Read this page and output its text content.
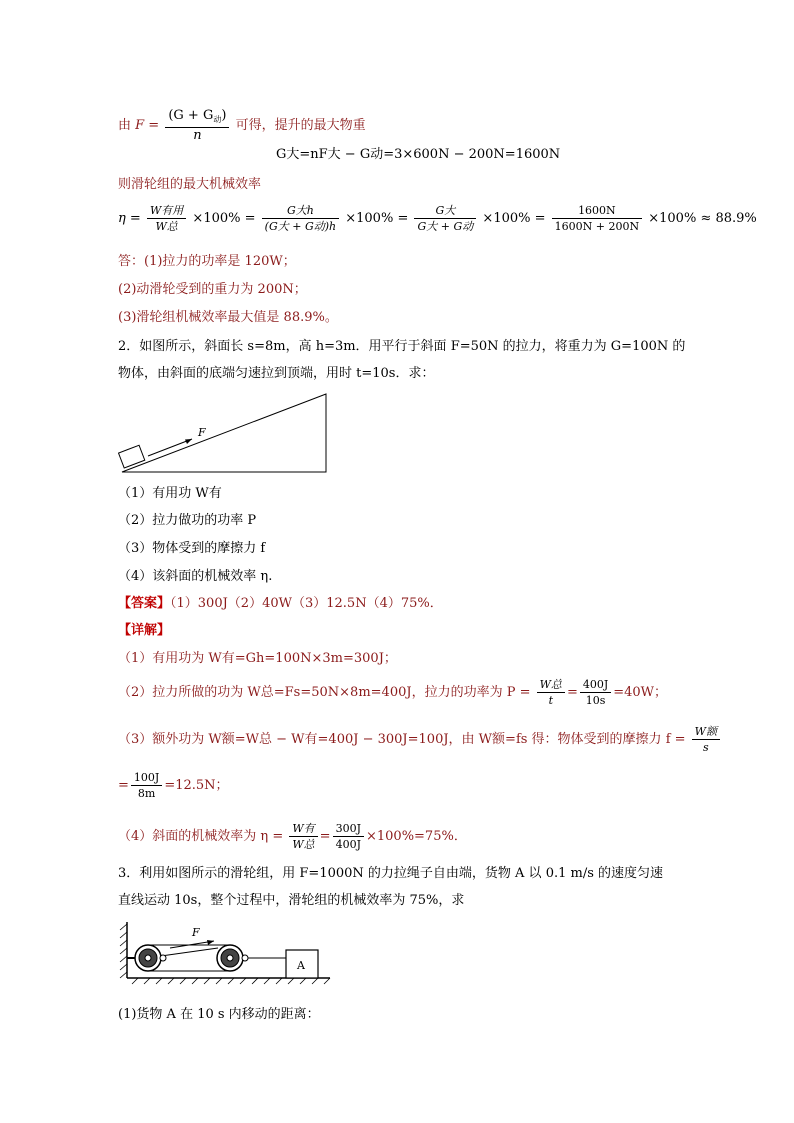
由 $F = \frac{(G + G_动)}{n}$ 可得，提升的最大物重
G大=nF大 − G动=3×600N − 200N=1600N
则滑轮组的最大机械效率
$\eta = \frac{\text{W有用}}{\text{W总}} \times 100\% = \frac{\text{G大h}}{\text{(G大 + G动)h}} \times 100\% = \frac{\text{G大}}{\text{G大 + G动}} \times 100\% = \frac{1600N}{1600N + 200N} \times 100\% \approx 88.9\%$
答：(1)拉力的功率是 120W；
(2)动滑轮受到的重力为 200N；
(3)滑轮组机械效率最大值是 88.9%。
2．如图所示，斜面长 s=8m，高 h=3m．用平行于斜面 F=50N 的拉力，将重力为 G=100N 的
物体，由斜面的底端匀速拉到顶端，用时 t=10s．求：
F
（1）有用功 W有
（2）拉力做功的功率 P
（3）物体受到的摩擦力 f
（4）该斜面的机械效率 η.
【答案】（1）300J（2）40W（3）12.5N（4）75%．
【详解】
（1）有用功为 W有=Gh=100N×3m=300J；
（2）拉力所做的功为 W总=Fs=50N×8m=400J，拉力的功率为 $P = \frac{\text{W总}}{t} = \frac{400J}{10s} =40W$；
（3）额外功为 W额=W总 − W有=400J − 300J=100J，由 W额=fs 得：物体受到的摩擦力 $f = \frac{\text{W额}}{s}$
= $\frac{100J}{8m} =12.5N$；
（4）斜面的机械效率为 $\eta = \frac{\text{W有}}{\text{W总}} = \frac{300J}{400J} \times 100\%=75\%$．
3．利用如图所示的滑轮组，用 F=1000N 的力拉绳子自由端，货物 A 以 0.1 m/s 的速度匀速
直线运动 10s，整个过程中，滑轮组的机械效率为 75%，求
F
A
(1)货物 A 在 10 s 内移动的距离：
